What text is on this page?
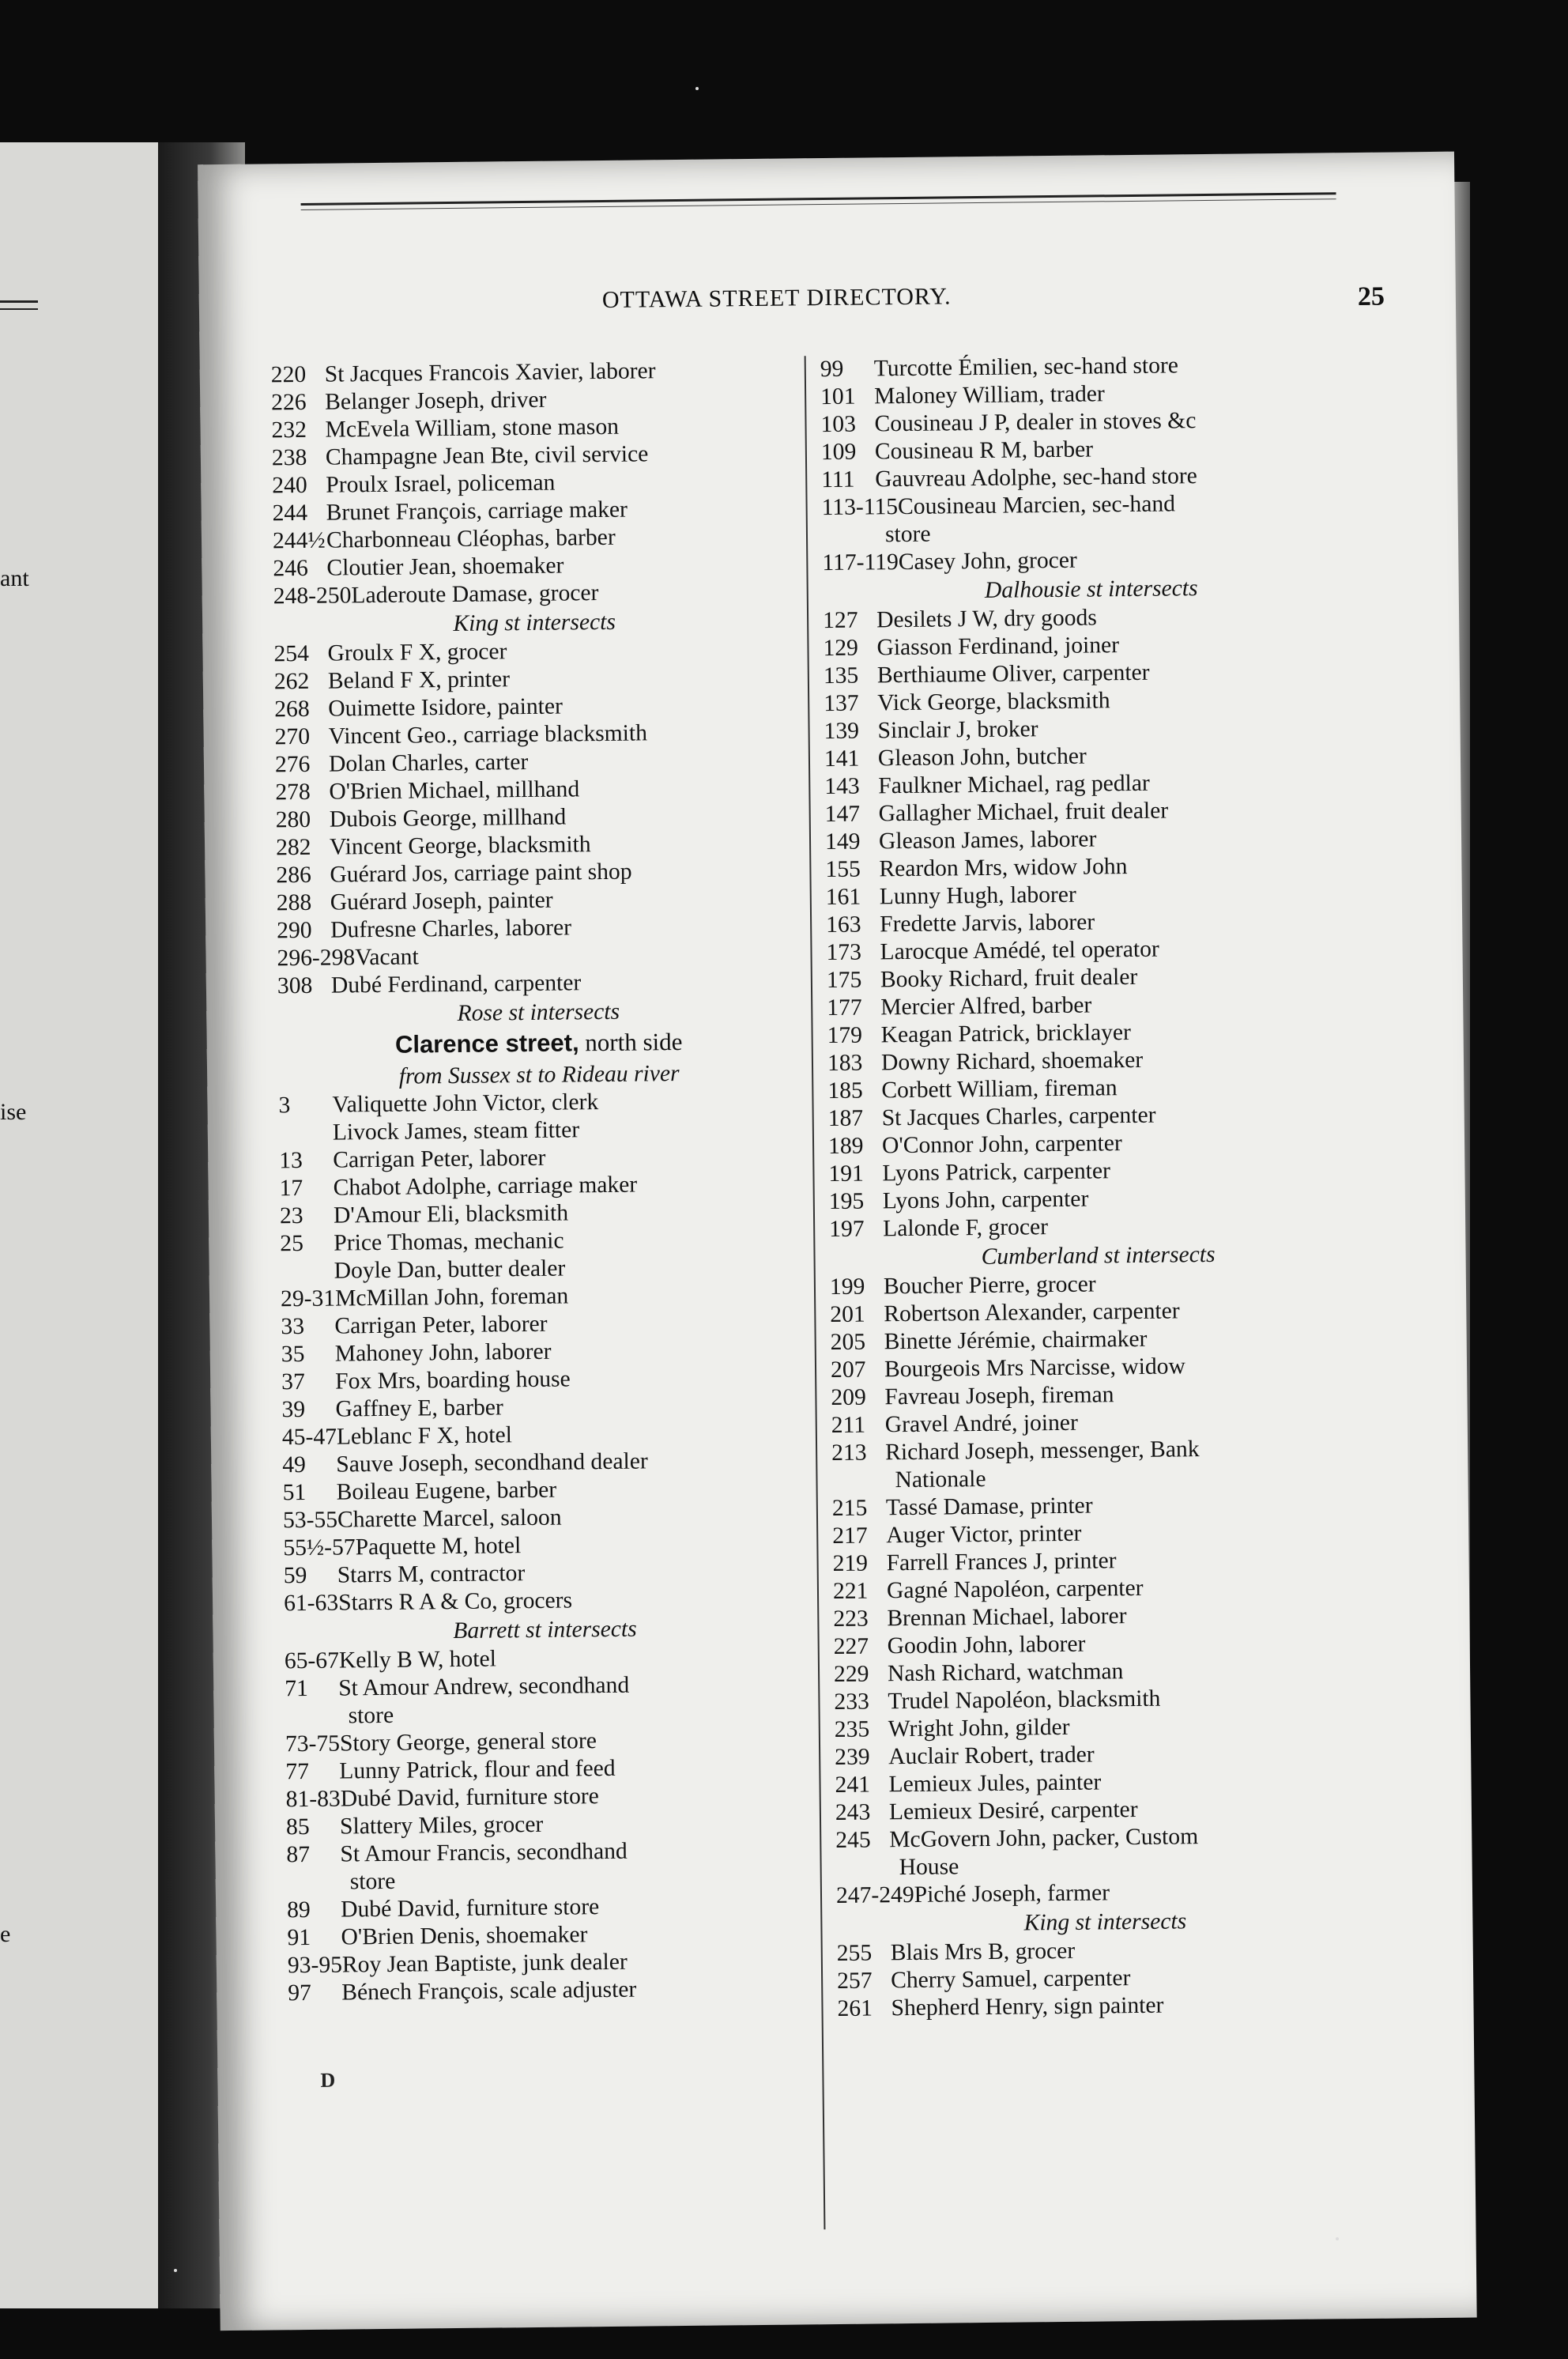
ant
ise
e
OTTAWA STREET DIRECTORY.	25
220 St Jacques Francois Xavier, laborer
226 Belanger Joseph, driver
232 McEvela William, stone mason
238 Champagne Jean Bte, civil service
240 Proulx Israel, policeman
244 Brunet François, carriage maker
244½Charbonneau Cléophas, barber
246 Cloutier Jean, shoemaker
248-250Laderoute Damase, grocer
King st intersects
254 Groulx F X, grocer
262 Beland F X, printer
268 Ouimette Isidore, painter
270 Vincent Geo., carriage blacksmith
276 Dolan Charles, carter
278 O'Brien Michael, millhand
280 Dubois George, millhand
282 Vincent George, blacksmith
286 Guérard Jos, carriage paint shop
288 Guérard Joseph, painter
290 Dufresne Charles, laborer
296-298Vacant
308 Dubé Ferdinand, carpenter
Rose st intersects
Clarence street, north side
from Sussex st to Rideau river
3 Valiquette John Victor, clerk
Livock James, steam fitter
13 Carrigan Peter, laborer
17 Chabot Adolphe, carriage maker
23 D'Amour Eli, blacksmith
25 Price Thomas, mechanic
Doyle Dan, butter dealer
29-31McMillan John, foreman
33 Carrigan Peter, laborer
35 Mahoney John, laborer
37 Fox Mrs, boarding house
39 Gaffney E, barber
45-47Leblanc F X, hotel
49 Sauve Joseph, secondhand dealer
51 Boileau Eugene, barber
53-55Charette Marcel, saloon
55½-57Paquette M, hotel
59 Starrs M, contractor
61-63Starrs R A & Co, grocers
Barrett st intersects
65-67Kelly B W, hotel
71 St Amour Andrew, secondhand
store
73-75Story George, general store
77 Lunny Patrick, flour and feed
81-83Dubé David, furniture store
85 Slattery Miles, grocer
87 St Amour Francis, secondhand
store
89 Dubé David, furniture store
91 O'Brien Denis, shoemaker
93-95Roy Jean Baptiste, junk dealer
97 Bénech François, scale adjuster
99 Turcotte Émilien, sec-hand store
101 Maloney William, trader
103 Cousineau J P, dealer in stoves &c
109 Cousineau R M, barber
111 Gauvreau Adolphe, sec-hand store
113-115Cousineau Marcien, sec-hand
store
117-119Casey John, grocer
Dalhousie st intersects
127 Desilets J W, dry goods
129 Giasson Ferdinand, joiner
135 Berthiaume Oliver, carpenter
137 Vick George, blacksmith
139 Sinclair J, broker
141 Gleason John, butcher
143 Faulkner Michael, rag pedlar
147 Gallagher Michael, fruit dealer
149 Gleason James, laborer
155 Reardon Mrs, widow John
161 Lunny Hugh, laborer
163 Fredette Jarvis, laborer
173 Larocque Amédé, tel operator
175 Booky Richard, fruit dealer
177 Mercier Alfred, barber
179 Keagan Patrick, bricklayer
183 Downy Richard, shoemaker
185 Corbett William, fireman
187 St Jacques Charles, carpenter
189 O'Connor John, carpenter
191 Lyons Patrick, carpenter
195 Lyons John, carpenter
197 Lalonde F, grocer
Cumberland st intersects
199 Boucher Pierre, grocer
201 Robertson Alexander, carpenter
205 Binette Jérémie, chairmaker
207 Bourgeois Mrs Narcisse, widow
209 Favreau Joseph, fireman
211 Gravel André, joiner
213 Richard Joseph, messenger, Bank
Nationale
215 Tassé Damase, printer
217 Auger Victor, printer
219 Farrell Frances J, printer
221 Gagné Napoléon, carpenter
223 Brennan Michael, laborer
227 Goodin John, laborer
229 Nash Richard, watchman
233 Trudel Napoléon, blacksmith
235 Wright John, gilder
239 Auclair Robert, trader
241 Lemieux Jules, painter
243 Lemieux Desiré, carpenter
245 McGovern John, packer, Custom
House
247-249Piché Joseph, farmer
King st intersects
255 Blais Mrs B, grocer
257 Cherry Samuel, carpenter
261 Shepherd Henry, sign painter
D
